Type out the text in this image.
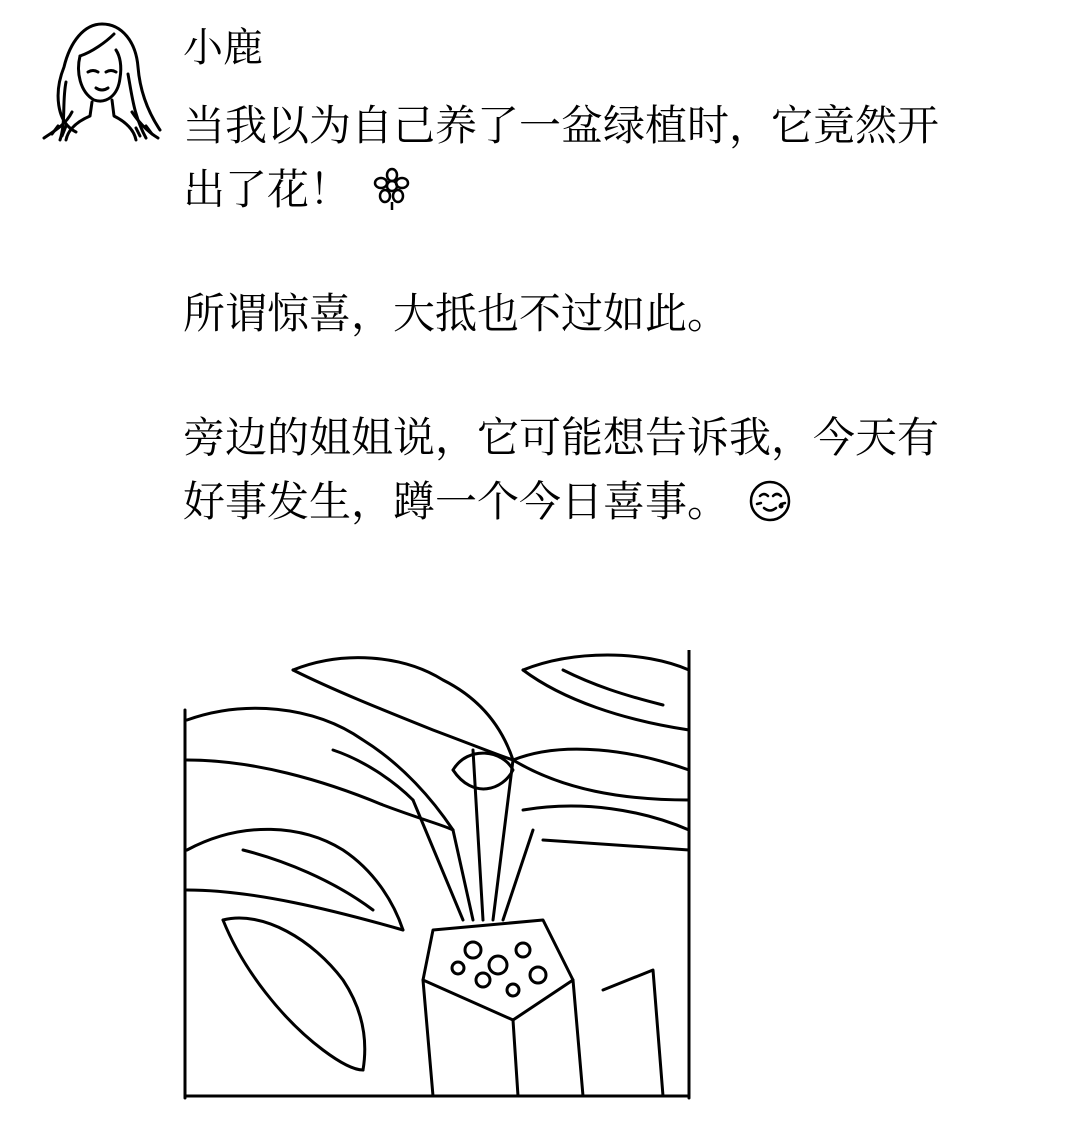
小鹿

当我以为自己养了一盆绿植时，它竟然开
出了花！

所谓惊喜，大抵也不过如此。

旁边的姐姐说，它可能想告诉我，今天有
好事发生，蹲一个今日喜事。
